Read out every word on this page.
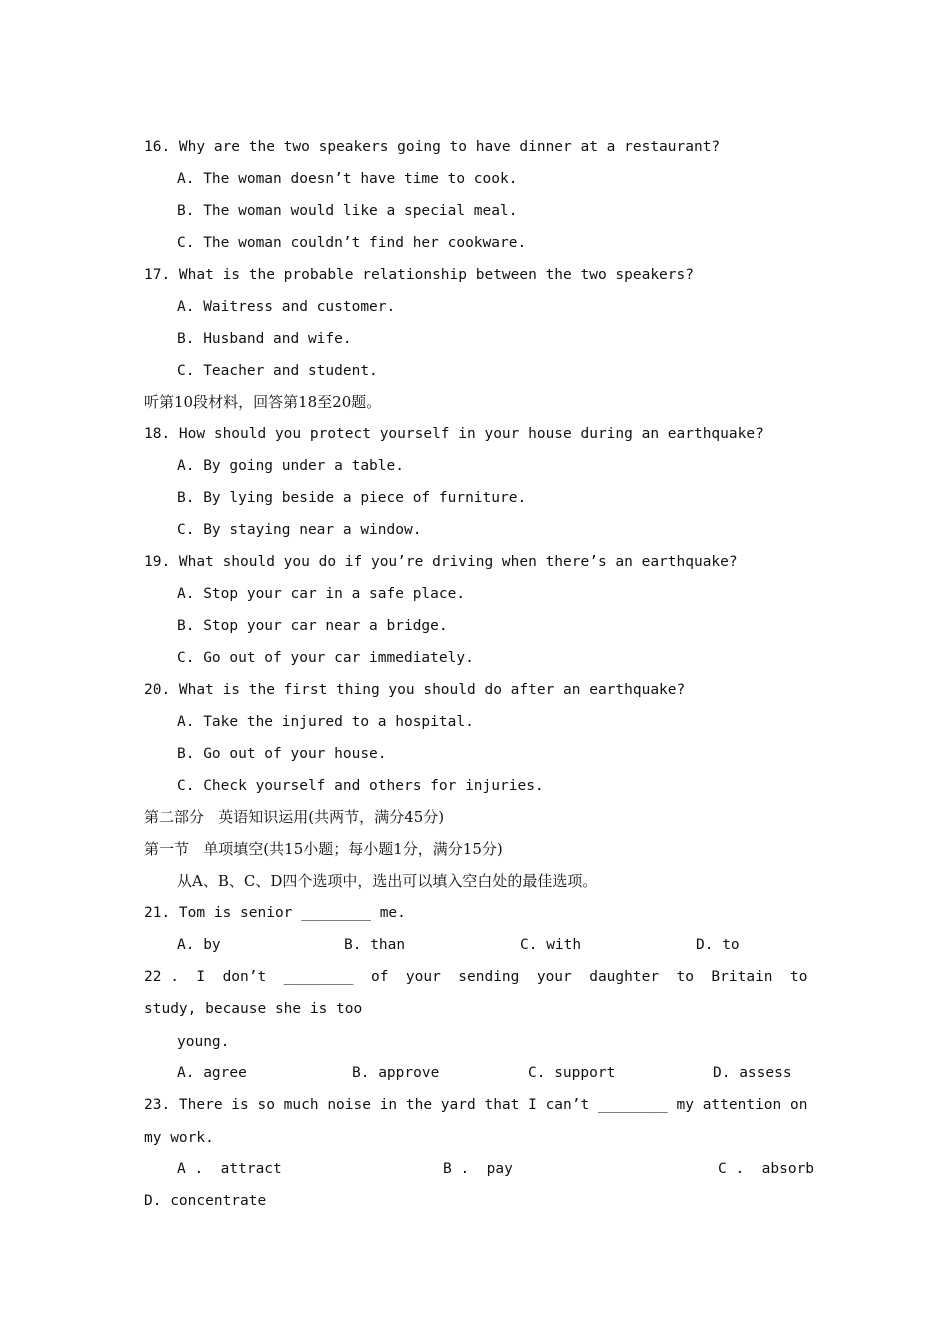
16. Why are the two speakers going to have dinner at a restaurant?
A. The woman doesn’t have time to cook.
B. The woman would like a special meal.
C. The woman couldn’t find her cookware.
17. What is the probable relationship between the two speakers?
A. Waitress and customer.
B. Husband and wife.
C. Teacher and student.
听第10段材料，回答第18至20题。
18. How should you protect yourself in your house during an earthquake?
A. By going under a table.
B. By lying beside a piece of furniture.
C. By staying near a window.
19. What should you do if you’re driving when there’s an earthquake?
A. Stop your car in a safe place.
B. Stop your car near a bridge.
C. Go out of your car immediately.
20. What is the first thing you should do after an earthquake?
A. Take the injured to a hospital.
B. Go out of your house.
C. Check yourself and others for injuries.
第二部分   英语知识运用(共两节，满分45分)
第一节   单项填空(共15小题；每小题1分，满分15分)
从A、B、C、D四个选项中，选出可以填入空白处的最佳选项。
21. Tom is senior ________ me.
A. by	B. than	C. with	D. to
22 .  I  don’t  ________  of  your  sending  your  daughter  to  Britain  to
study, because she is too
young.
A. agree	B. approve	C. support	D. assess
23. There is so much noise in the yard that I can’t ________ my attention on
my work.
A .  attract	B .  pay	C .  absorb
D. concentrate
